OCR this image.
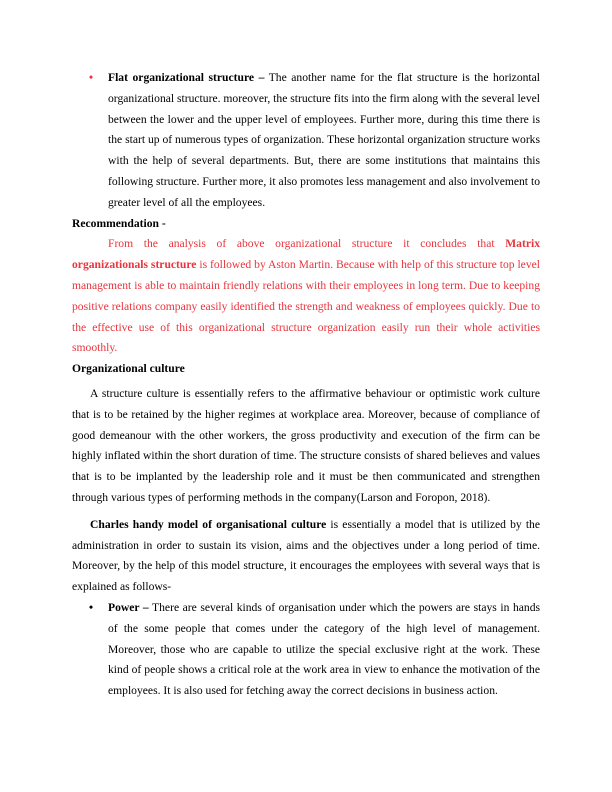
• Flat organizational structure – The another name for the flat structure is the horizontal organizational structure. moreover, the structure fits into the firm along with the several level between the lower and the upper level of employees. Further more, during this time there is the start up of numerous types of organization. These horizontal organization structure works with the help of several departments. But, there are some institutions that maintains this following structure. Further more, it also promotes less management and also involvement to greater level of all the employees.

Recommendation -

From the analysis of above organizational structure it concludes that Matrix organizationals structure is followed by Aston Martin. Because with help of this structure top level management is able to maintain friendly relations with their employees in long term. Due to keeping positive relations company easily identified the strength and weakness of employees quickly. Due to the effective use of this organizational structure organization easily run their whole activities smoothly.

Organizational culture

A structure culture is essentially refers to the affirmative behaviour or optimistic work culture that is to be retained by the higher regimes at workplace area. Moreover, because of compliance of good demeanour with the other workers, the gross productivity and execution of the firm can be highly inflated within the short duration of time. The structure consists of shared believes and values that is to be implanted by the leadership role and it must be then communicated and strengthen through various types of performing methods in the company(Larson and Foropon, 2018).

Charles handy model of organisational culture is essentially a model that is utilized by the administration in order to sustain its vision, aims and the objectives under a long period of time. Moreover, by the help of this model structure, it encourages the employees with several ways that is explained as follows-

• Power – There are several kinds of organisation under which the powers are stays in hands of the some people that comes under the category of the high level of management. Moreover, those who are capable to utilize the special exclusive right at the work. These kind of people shows a critical role at the work area in view to enhance the motivation of the employees. It is also used for fetching away the correct decisions in business action.
